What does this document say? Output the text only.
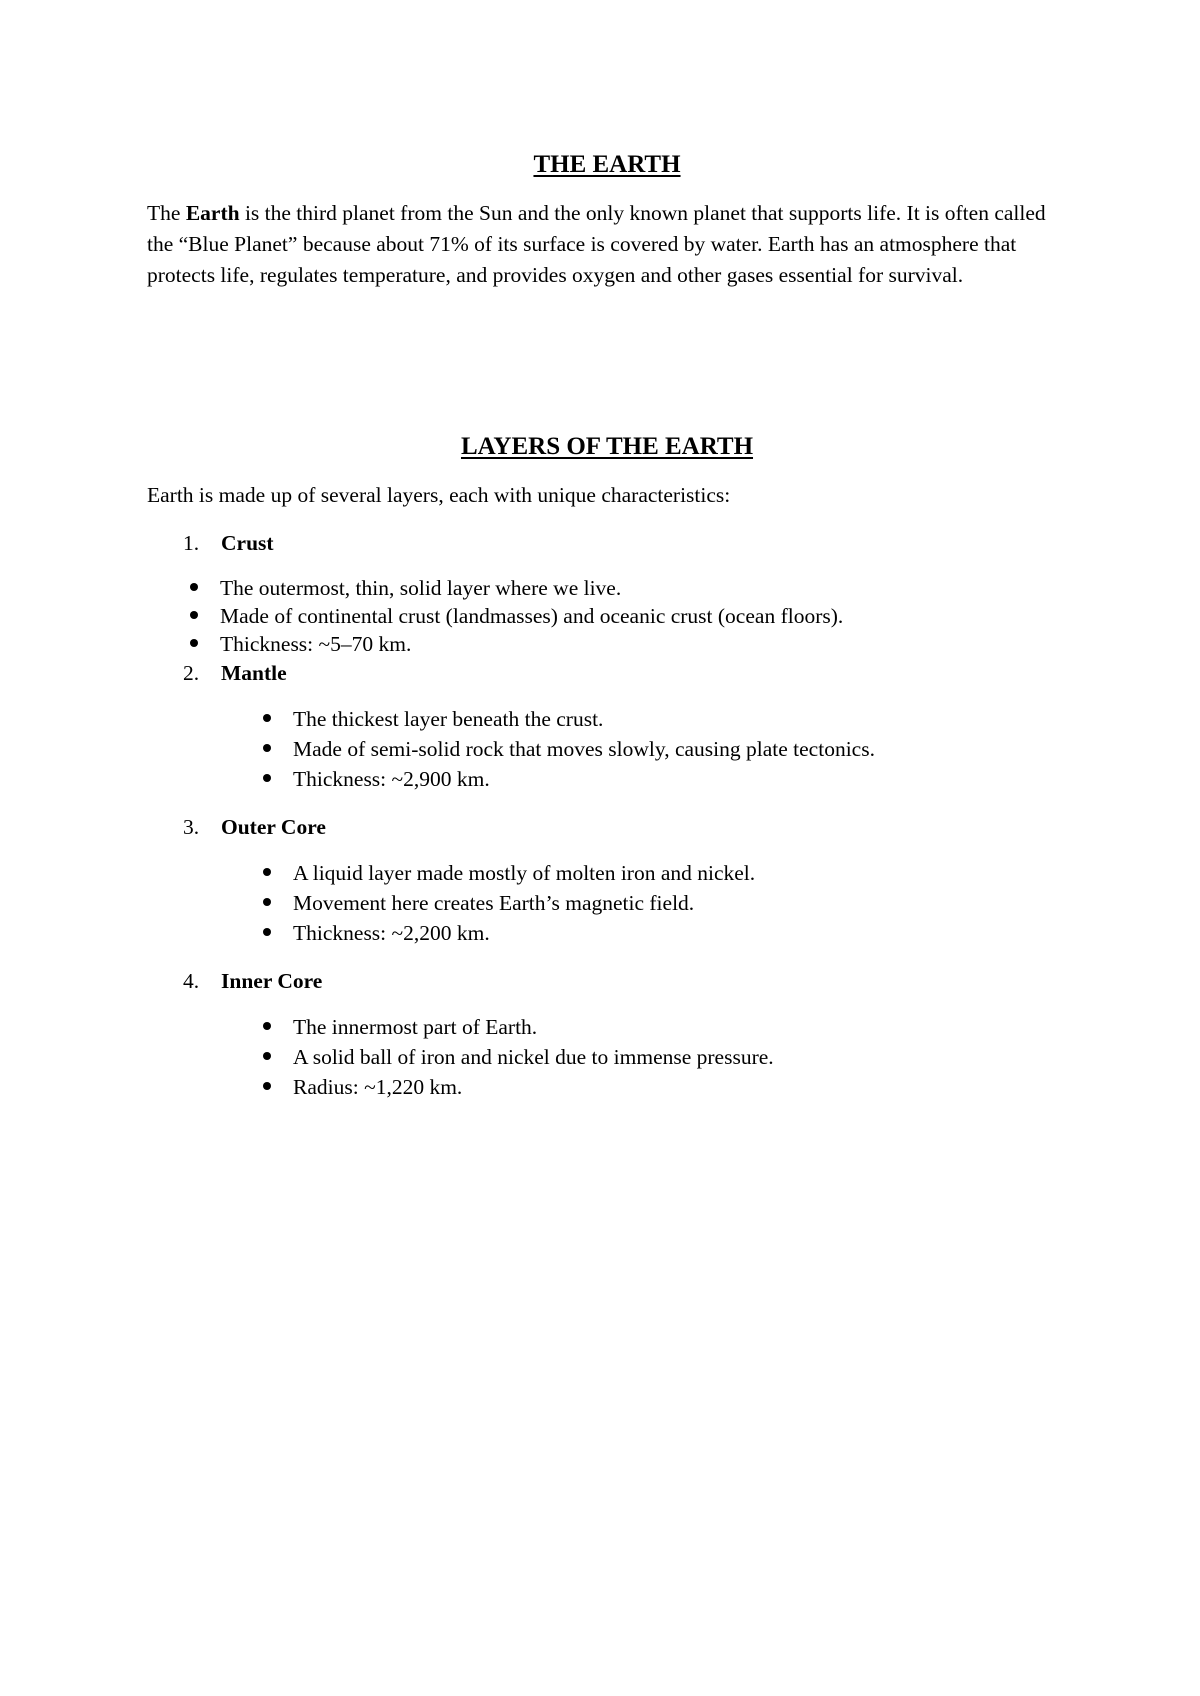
THE EARTH

The Earth is the third planet from the Sun and the only known planet that supports life. It is often called the “Blue Planet” because about 71% of its surface is covered by water. Earth has an atmosphere that protects life, regulates temperature, and provides oxygen and other gases essential for survival.

LAYERS OF THE EARTH

Earth is made up of several layers, each with unique characteristics:

1. Crust
The outermost, thin, solid layer where we live.
Made of continental crust (landmasses) and oceanic crust (ocean floors).
Thickness: ~5–70 km.
2. Mantle
The thickest layer beneath the crust.
Made of semi-solid rock that moves slowly, causing plate tectonics.
Thickness: ~2,900 km.
3. Outer Core
A liquid layer made mostly of molten iron and nickel.
Movement here creates Earth’s magnetic field.
Thickness: ~2,200 km.
4. Inner Core
The innermost part of Earth.
A solid ball of iron and nickel due to immense pressure.
Radius: ~1,220 km.
